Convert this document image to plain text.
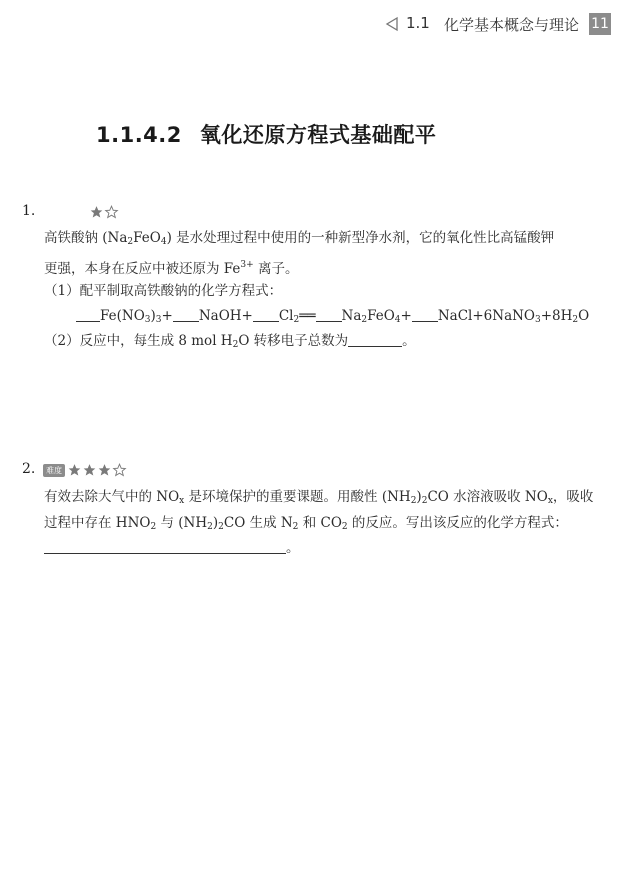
1.1 化学基本概念与理论 11
1.1.4.2 氧化还原方程式基础配平
1.
高铁酸钠 $(Na_2FeO_4)$ 是水处理过程中使用的一种新型净水剂，它的氧化性比高锰酸钾
更强，本身在反应中被还原为 $Fe^{3+}$ 离子。
（1）配平制取高铁酸钠的化学方程式：
$Fe(NO_3)_3+$ NaOH+ $Cl_2══$ $Na_2FeO_4+$ $NaCl+6NaNO_3+8H_2O$
（2）反应中，每生成 8 mol $H_2O$ 转移电子总数为	。
2.	难度
有效去除大气中的 $NO_x$ 是环境保护的重要课题。用酸性 $(NH_2)_2CO$ 水溶液吸收 $NO_x$，吸收
过程中存在 $HNO_2$ 与 $(NH_2)_2CO$ 生成 $N_2$ 和 $CO_2$ 的反应。写出该反应的化学方程式：
。
